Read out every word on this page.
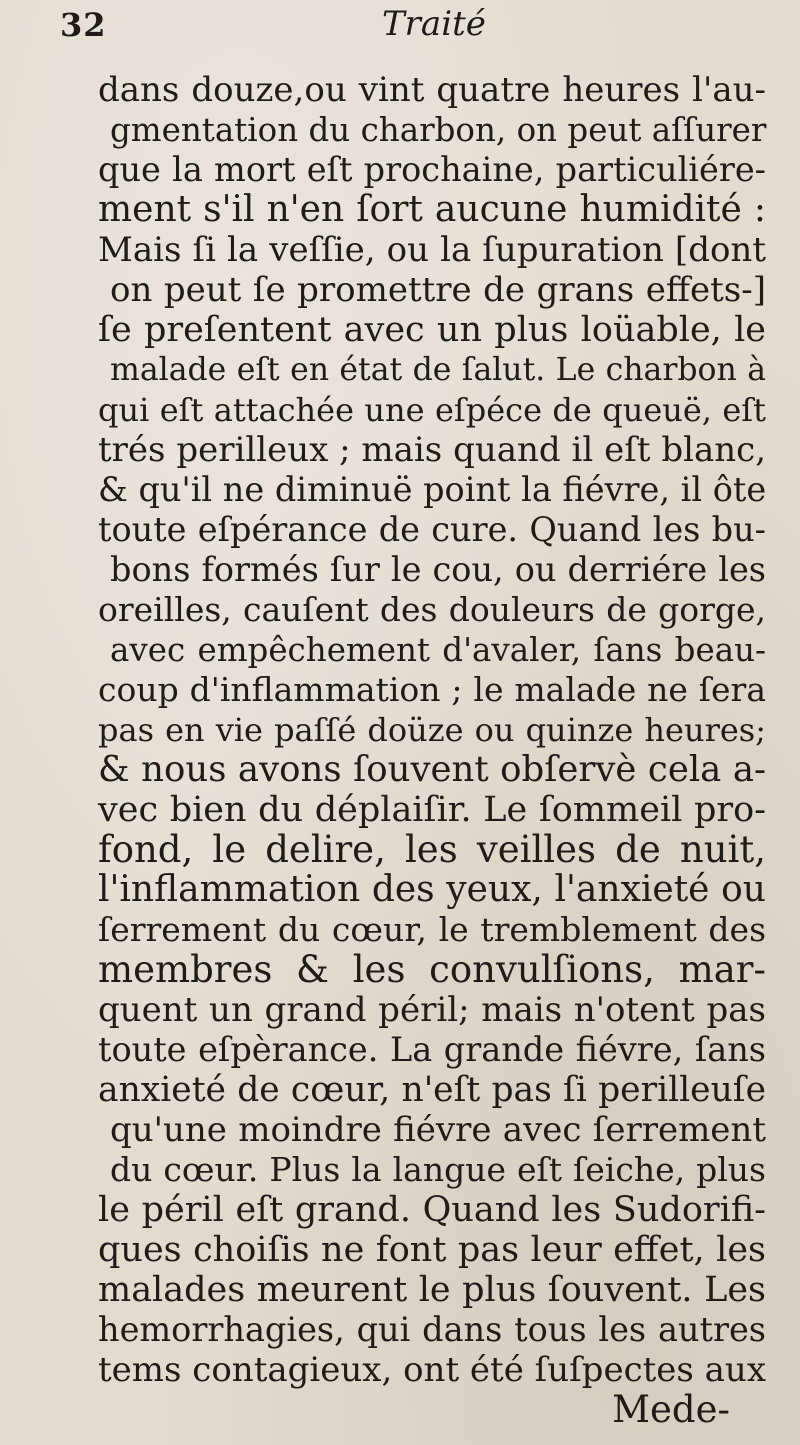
32	Traité
dans douze,ou vint quatre heures l'au-
gmentation du charbon, on peut aſſurer
que la mort eſt prochaine, particuliére-
ment s'il n'en ſort aucune humidité :
Mais ſi la veſſie, ou la ſupuration [dont
on peut ſe promettre de grans effets-]
ſe preſentent avec un plus loüable, le
malade eſt en état de ſalut. Le charbon à
qui eſt attachée une eſpéce de queuë, eſt
trés perilleux ; mais quand il eſt blanc,
& qu'il ne diminuë point la fiévre, il ôte
toute eſpérance de cure. Quand les bu-
bons formés ſur le cou, ou derriére les
oreilles, cauſent des douleurs de gorge,
avec empêchement d'avaler, ſans beau-
coup d'inflammation ; le malade ne ſera
pas en vie paſſé doüze ou quinze heures;
& nous avons ſouvent obſervè cela a-
vec bien du déplaiſir. Le ſommeil pro-
fond, le delire, les veilles de nuit,
l'inflammation des yeux, l'anxieté ou
ſerrement du cœur, le tremblement des
membres & les convulſions, mar-
quent un grand péril; mais n'otent pas
toute eſpèrance. La grande fiévre, ſans
anxieté de cœur, n'eſt pas ſi perilleuſe
qu'une moindre fiévre avec ſerrement
du cœur. Plus la langue eſt ſeiche, plus
le péril eſt grand. Quand les Sudorifi-
ques choiſis ne font pas leur effet, les
malades meurent le plus ſouvent. Les
hemorrhagies, qui dans tous les autres
tems contagieux, ont été ſuſpectes aux
Mede-
